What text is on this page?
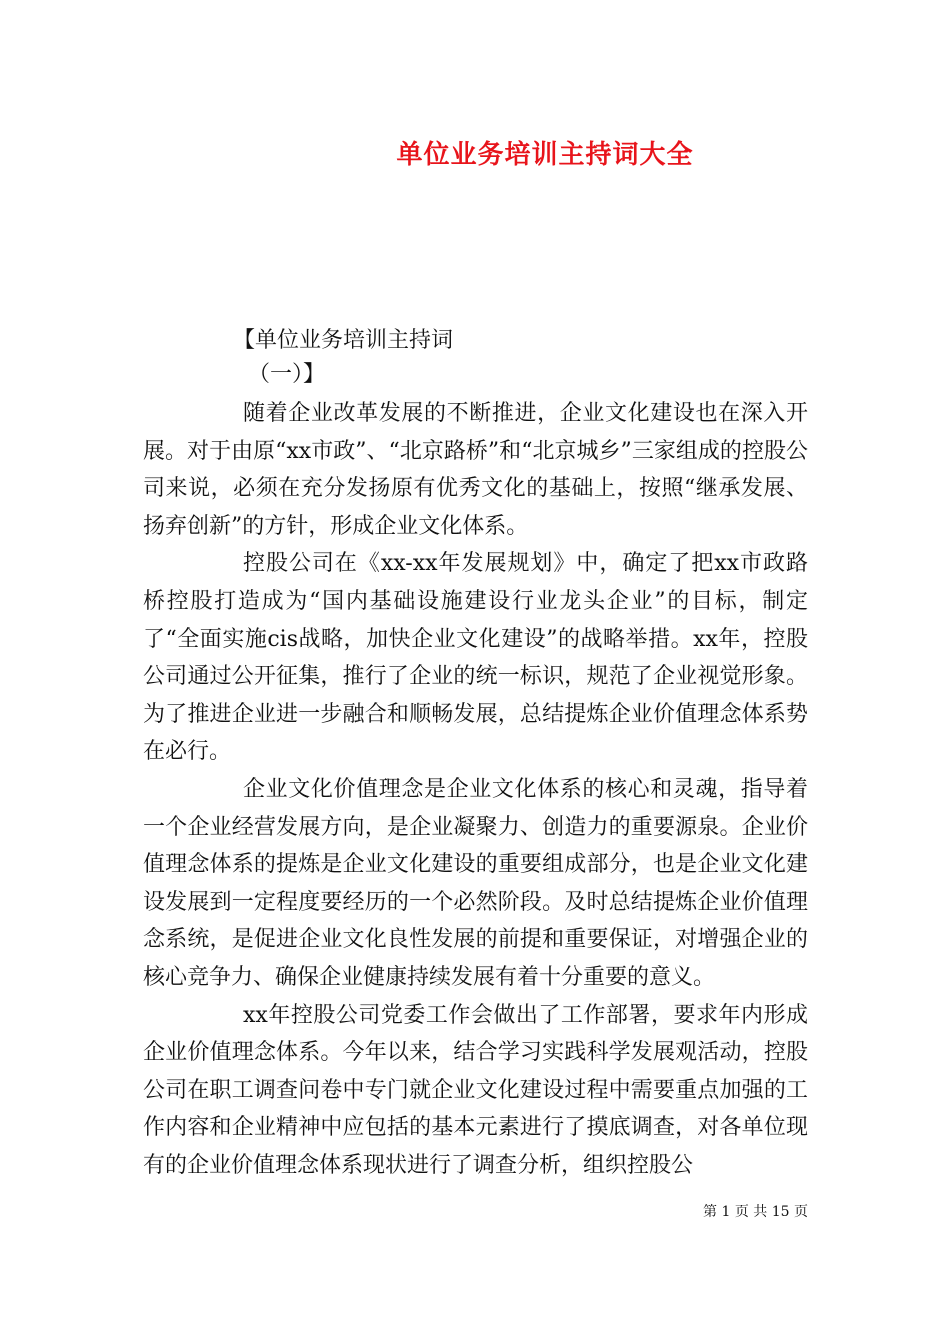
单位业务培训主持词大全
【单位业务培训主持词
（一）】

随着企业改革发展的不断推进，企业文化建设也在深入开展。对于由原“xx市政”、“北京路桥”和“北京城乡”三家组成的控股公司来说，必须在充分发扬原有优秀文化的基础上，按照“继承发展、扬弃创新”的方针，形成企业文化体系。

控股公司在《xx-xx年发展规划》中，确定了把xx市政路桥控股打造成为“国内基础设施建设行业龙头企业”的目标，制定了“全面实施cis战略，加快企业文化建设”的战略举措。xx年，控股公司通过公开征集，推行了企业的统一标识，规范了企业视觉形象。为了推进企业进一步融合和顺畅发展，总结提炼企业价值理念体系势在必行。

企业文化价值理念是企业文化体系的核心和灵魂，指导着一个企业经营发展方向，是企业凝聚力、创造力的重要源泉。企业价值理念体系的提炼是企业文化建设的重要组成部分，也是企业文化建设发展到一定程度要经历的一个必然阶段。及时总结提炼企业价值理念系统，是促进企业文化良性发展的前提和重要保证，对增强企业的核心竞争力、确保企业健康持续发展有着十分重要的意义。

xx年控股公司党委工作会做出了工作部署，要求年内形成企业价值理念体系。今年以来，结合学习实践科学发展观活动，控股公司在职工调查问卷中专门就企业文化建设过程中需要重点加强的工作内容和企业精神中应包括的基本元素进行了摸底调查，对各单位现有的企业价值理念体系现状进行了调查分析，组织控股公

第 1 页 共 15 页
